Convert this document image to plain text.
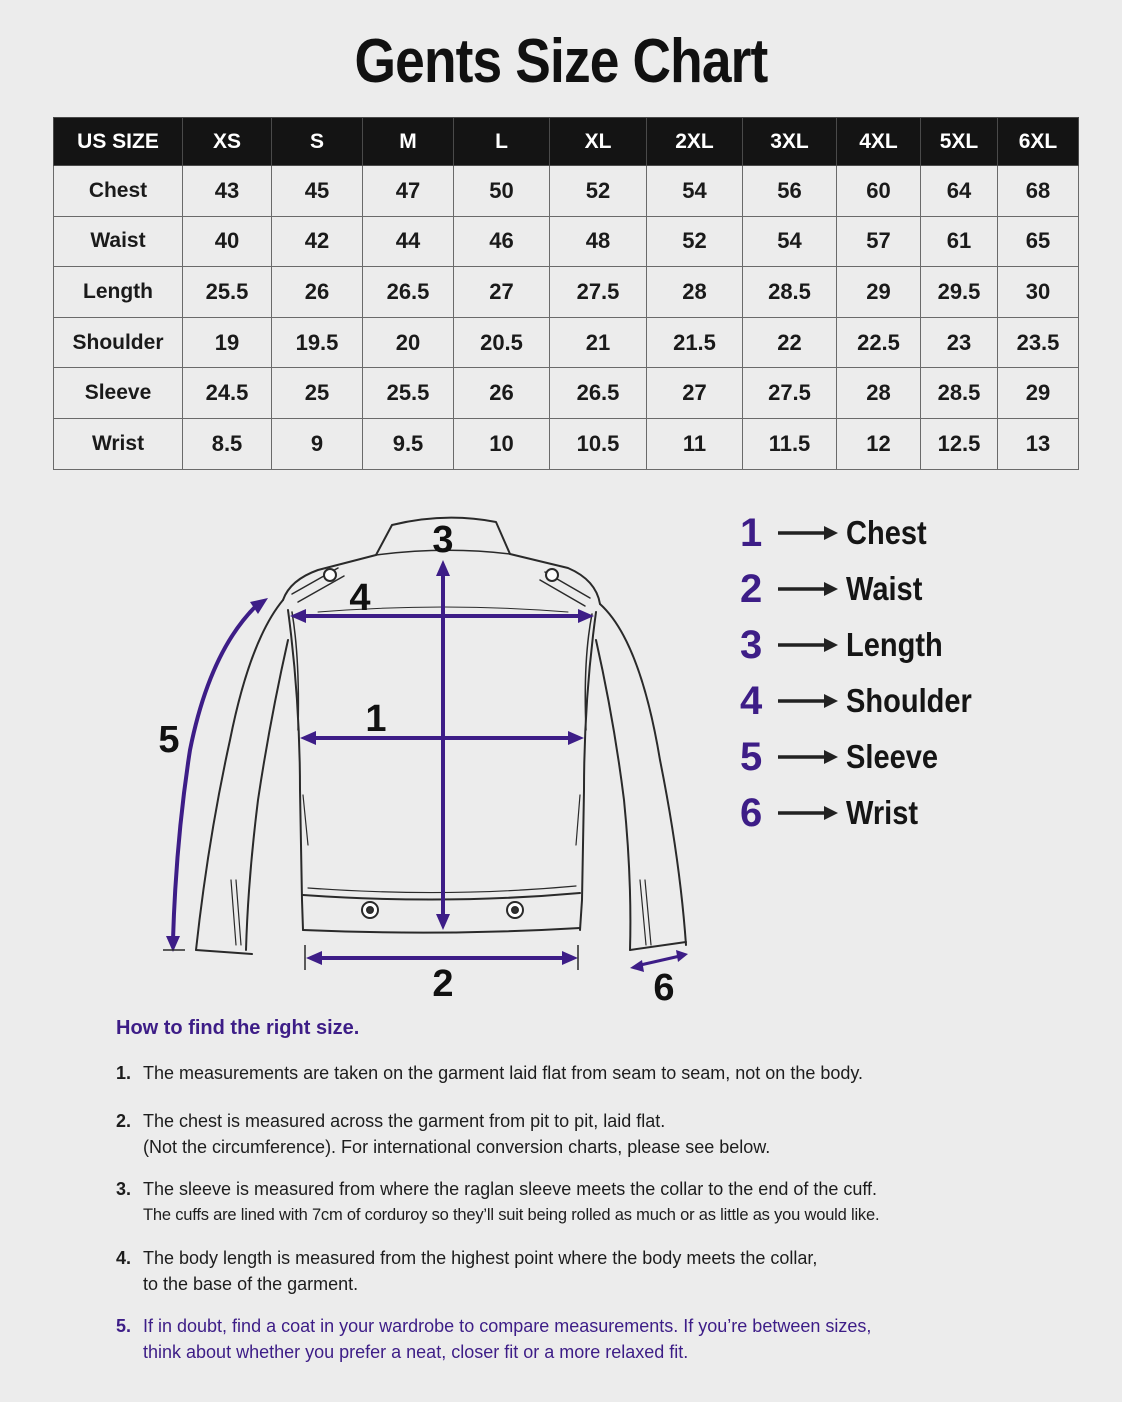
Gents Size Chart
US SIZE	XS	S	M	L	XL	2XL	3XL	4XL	5XL	6XL
Chest	43	45	47	50	52	54	56	60	64	68
Waist	40	42	44	46	48	52	54	57	61	65
Length	25.5	26	26.5	27	27.5	28	28.5	29	29.5	30
Shoulder	19	19.5	20	20.5	21	21.5	22	22.5	23	23.5
Sleeve	24.5	25	25.5	26	26.5	27	27.5	28	28.5	29
Wrist	8.5	9	9.5	10	10.5	11	11.5	12	12.5	13
3
4
1
5
2	6
1	Chest
2	Waist
3	Length
4	Shoulder
5	Sleeve
6	Wrist
How to find the right size.
1. The measurements are taken on the garment laid flat from seam to seam, not on the body.
2. The chest is measured across the garment from pit to pit, laid flat.
(Not the circumference). For international conversion charts, please see below.
3. The sleeve is measured from where the raglan sleeve meets the collar to the end of the cuff.
The cuffs are lined with 7cm of corduroy so they’ll suit being rolled as much or as little as you would like.
4. The body length is measured from the highest point where the body meets the collar,
to the base of the garment.
5. If in doubt, find a coat in your wardrobe to compare measurements. If you’re between sizes,
think about whether you prefer a neat, closer fit or a more relaxed fit.
